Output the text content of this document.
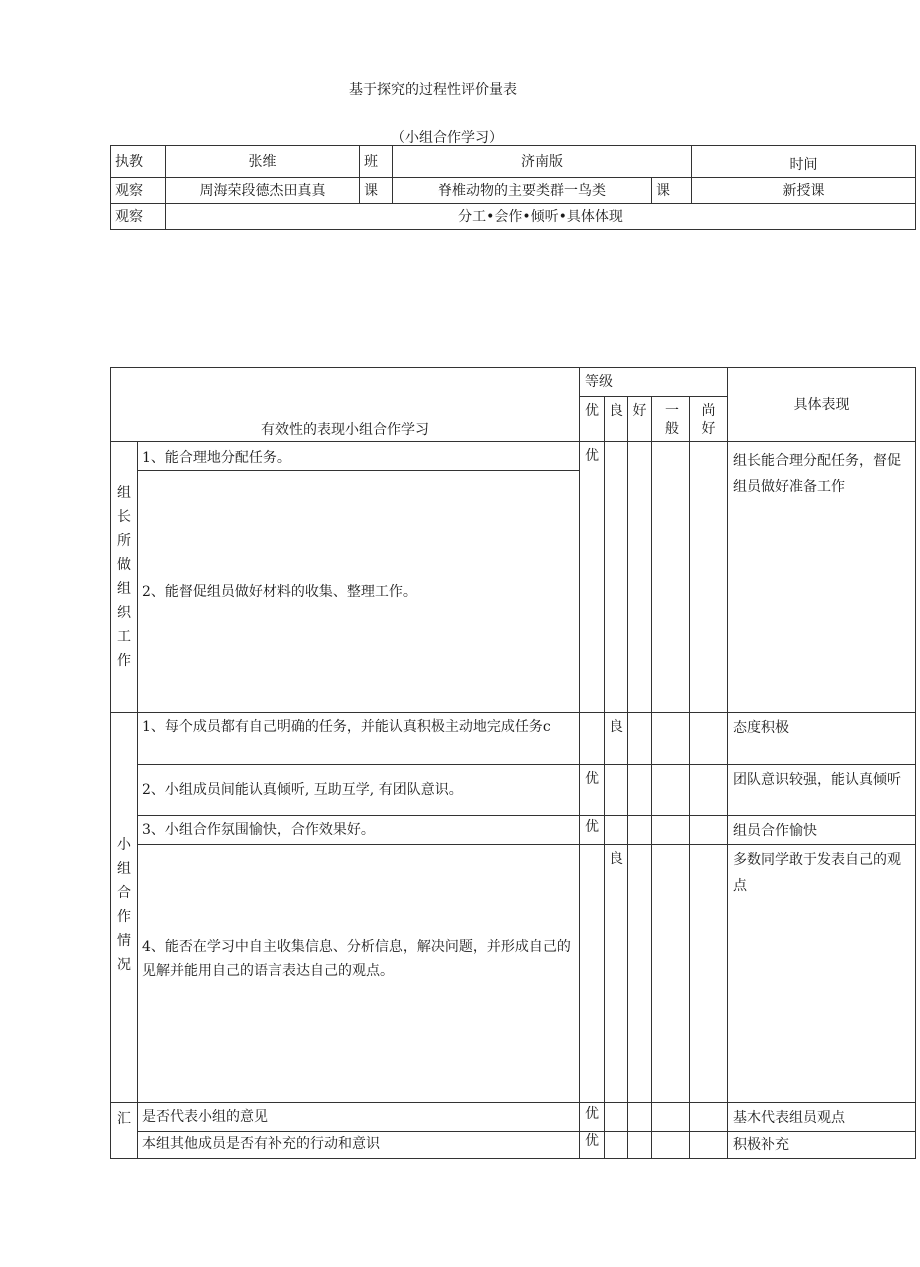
基于探究的过程性评价量表
（小组合作学习）
执教	张维	班	济南版		时间

观察	周海荣段德杰田真真	课	脊椎动物的主要类群一鸟类	课	新授课

观察	分工•会作•倾听•具体体现				
有效性的表现小组合作学习		等级					具体表现
		优	良	好	一般	尚好	

组长所做组织工作	1、能合理地分配任务。	优					组长能合理分配任务，督促组员做好准备工作
	2、能督促组员做好材料的收集、整理工作。						

小组合作情况	1、每个成员都有自己明确的任务，并能认真积极主动地完成任务c		良				态度积极
	2、小组成员间能认真倾听, 互助互学, 有团队意识。	优					团队意识较强，能认真倾听
	3、小组合作氛围愉快，合作效果好。	优					组员合作愉快
	4、能否在学习中自主收集信息、分析信息，解决问题，并形成自己的见解并能用自己的语言表达自己的观点。		良				多数同学敢于发表自己的观点

汇	是否代表小组的意见	优					基木代表组员观点
	本组其他成员是否有补充的行动和意识	优					积极补充
